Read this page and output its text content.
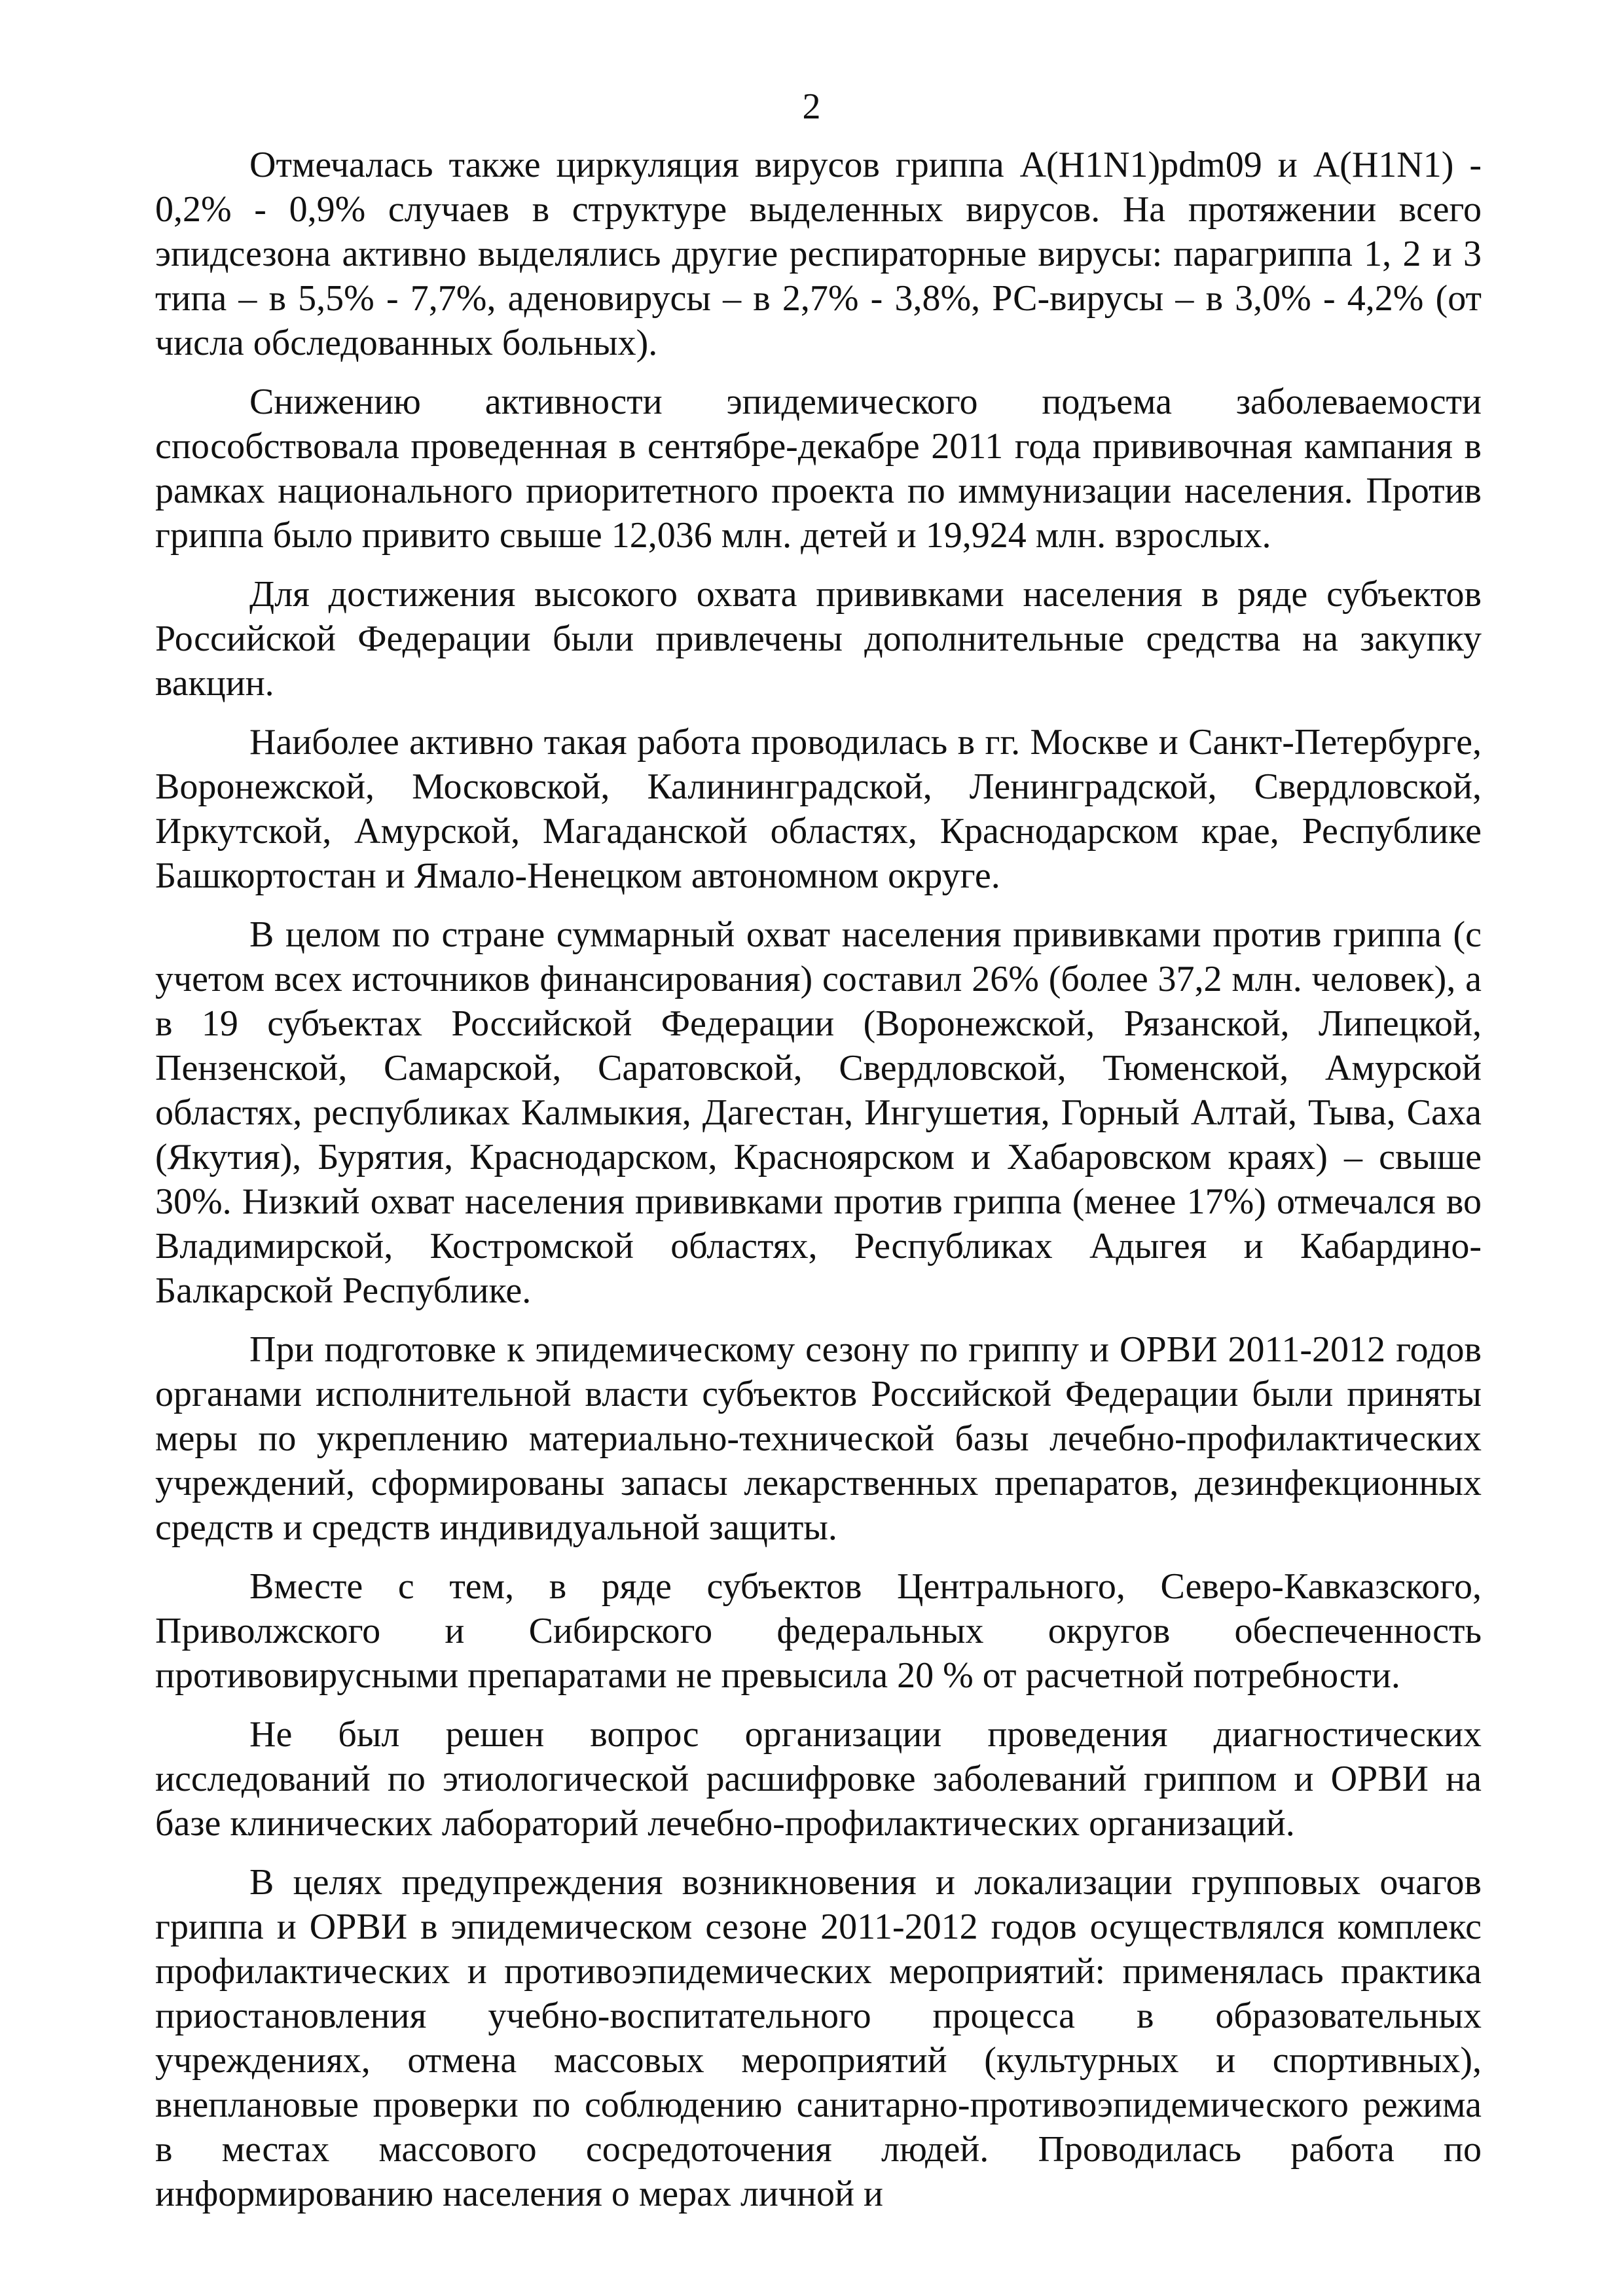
2

Отмечалась также циркуляция вирусов гриппа A(H1N1)pdm09 и A(H1N1) - 0,2% - 0,9% случаев в структуре выделенных вирусов. На протяжении всего эпидсезона активно выделялись другие респираторные вирусы: парагриппа 1, 2 и 3 типа – в 5,5% - 7,7%, аденовирусы – в 2,7% - 3,8%, РС-вирусы – в 3,0% - 4,2% (от числа обследованных больных).

Снижению активности эпидемического подъема заболеваемости способствовала проведенная в сентябре-декабре 2011 года прививочная кампания в рамках национального приоритетного проекта по иммунизации населения. Против гриппа было привито свыше 12,036 млн. детей и 19,924 млн. взрослых.

Для достижения высокого охвата прививками населения в ряде субъектов Российской Федерации были привлечены дополнительные средства на закупку вакцин.

Наиболее активно такая работа проводилась в гг. Москве и Санкт-Петербурге, Воронежской, Московской, Калининградской, Ленинградской, Свердловской, Иркутской, Амурской, Магаданской областях, Краснодарском крае, Республике Башкортостан и Ямало-Ненецком автономном округе.

В целом по стране суммарный охват населения прививками против гриппа (с учетом всех источников финансирования) составил 26% (более 37,2 млн. человек), а в 19 субъектах Российской Федерации (Воронежской, Рязанской, Липецкой, Пензенской, Самарской, Саратовской, Свердловской, Тюменской, Амурской областях, республиках Калмыкия, Дагестан, Ингушетия, Горный Алтай, Тыва, Саха (Якутия), Бурятия, Краснодарском, Красноярском и Хабаровском краях) – свыше 30%. Низкий охват населения прививками против гриппа (менее 17%) отмечался во Владимирской, Костромской областях, Республиках Адыгея и Кабардино-Балкарской Республике.

При подготовке к эпидемическому сезону по гриппу и ОРВИ 2011-2012 годов органами исполнительной власти субъектов Российской Федерации были приняты меры по укреплению материально-технической базы лечебно-профилактических учреждений, сформированы запасы лекарственных препаратов, дезинфекционных средств и средств индивидуальной защиты.

Вместе с тем, в ряде субъектов Центрального, Северо-Кавказского, Приволжского и Сибирского федеральных округов обеспеченность противовирусными препаратами не превысила 20 % от расчетной потребности.

Не был решен вопрос организации проведения диагностических исследований по этиологической расшифровке заболеваний гриппом и ОРВИ на базе клинических лабораторий лечебно-профилактических организаций.

В целях предупреждения возникновения и локализации групповых очагов гриппа и ОРВИ в эпидемическом сезоне 2011-2012 годов осуществлялся комплекс профилактических и противоэпидемических мероприятий: применялась практика приостановления учебно-воспитательного процесса в образовательных учреждениях, отмена массовых мероприятий (культурных и спортивных), внеплановые проверки по соблюдению санитарно-противоэпидемического режима в местах массового сосредоточения людей. Проводилась работа по информированию населения о мерах личной и
